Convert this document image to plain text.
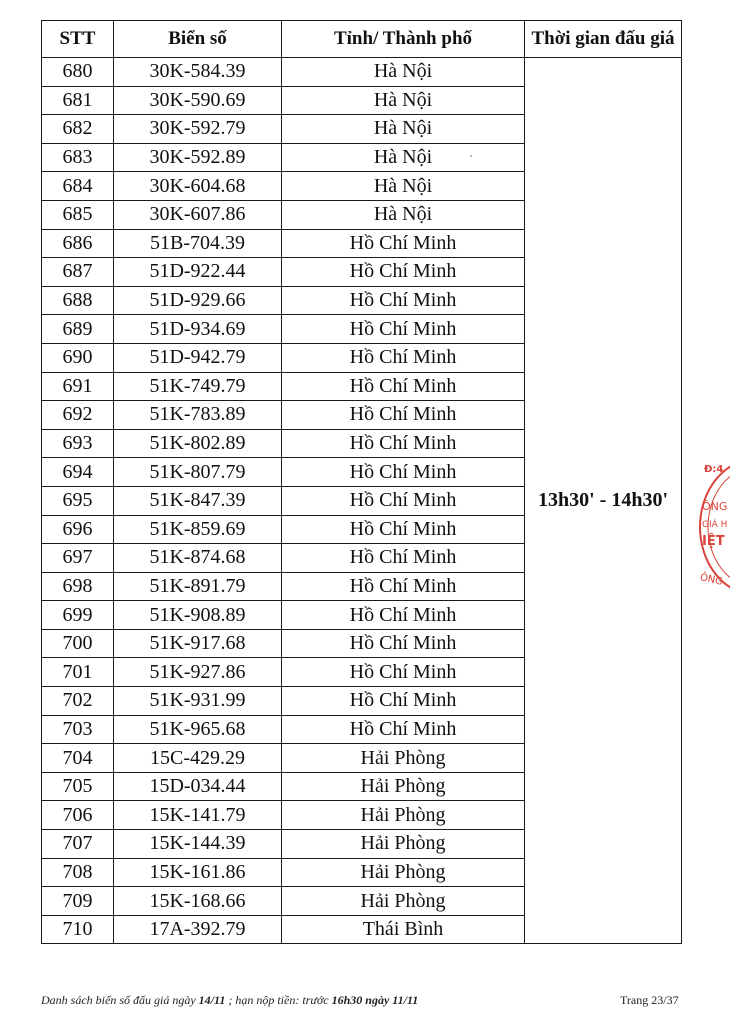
STT	Biển số	Tỉnh/ Thành phố	Thời gian đấu giá
680	30K-584.39	Hà Nội	13h30' - 14h30'
681	30K-590.69	Hà Nội	
682	30K-592.79	Hà Nội	
683	30K-592.89	Hà Nội	
684	30K-604.68	Hà Nội	
685	30K-607.86	Hà Nội	
686	51B-704.39	Hồ Chí Minh	
687	51D-922.44	Hồ Chí Minh	
688	51D-929.66	Hồ Chí Minh	
689	51D-934.69	Hồ Chí Minh	
690	51D-942.79	Hồ Chí Minh	
691	51K-749.79	Hồ Chí Minh	
692	51K-783.89	Hồ Chí Minh	
693	51K-802.89	Hồ Chí Minh	
694	51K-807.79	Hồ Chí Minh	
695	51K-847.39	Hồ Chí Minh	
696	51K-859.69	Hồ Chí Minh	
697	51K-874.68	Hồ Chí Minh	
698	51K-891.79	Hồ Chí Minh	
699	51K-908.89	Hồ Chí Minh	
700	51K-917.68	Hồ Chí Minh	
701	51K-927.86	Hồ Chí Minh	
702	51K-931.99	Hồ Chí Minh	
703	51K-965.68	Hồ Chí Minh	
704	15C-429.29	Hải Phòng	
705	15D-034.44	Hải Phòng	
706	15K-141.79	Hải Phòng	
707	15K-144.39	Hải Phòng	
708	15K-161.86	Hải Phòng	
709	15K-168.66	Hải Phòng	
710	17A-392.79	Thái Bình	
Danh sách biển số đấu giá ngày 14/11 ; hạn nộp tiền: trước 16h30 ngày 11/11	Trang 23/37
Đ:4
ÔNG
GIÁ H
IỆT
ÔNG
